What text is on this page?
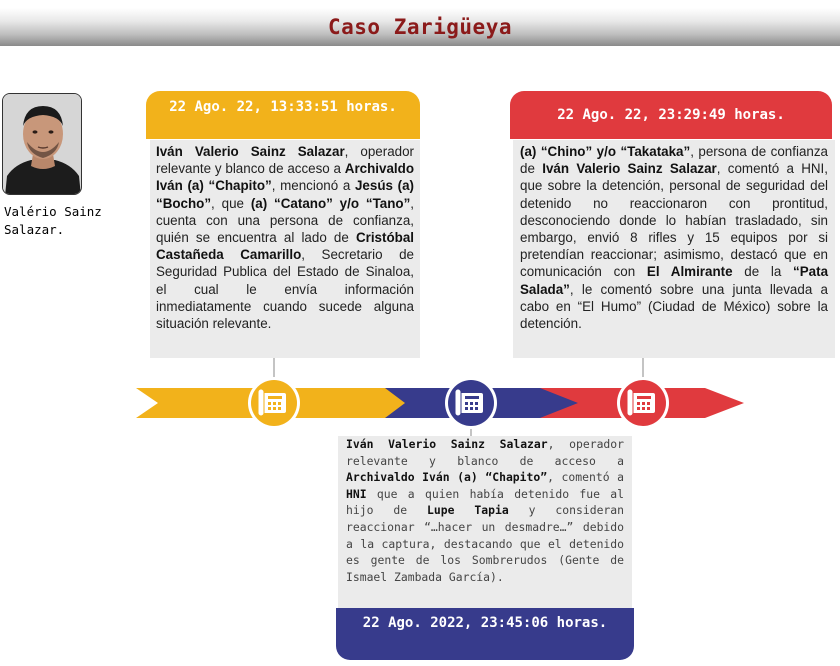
Caso Zarigüeya
Valério Sainz Salazar.
22 Ago. 22, 13:33:51 horas.
Iván Valerio Sainz Salazar, operador relevante y blanco de acceso a Archivaldo Iván (a) “Chapito”, mencionó a Jesús (a) “Bocho”, que (a) “Catano” y/o “Tano”, cuenta con una persona de confianza, quién se encuentra al lado de Cristóbal Castañeda Camarillo, Secretario de Seguridad Publica del Estado de Sinaloa, el cual le envía información inmediatamente cuando sucede alguna situación relevante.
22 Ago. 22, 23:29:49 horas.
(a) “Chino” y/o “Takataka”, persona de confianza de Iván Valerio Sainz Salazar, comentó a HNI, que sobre la detención, personal de seguridad del detenido no reaccionaron con prontitud, desconociendo donde lo habían trasladado, sin embargo, envió 8 rifles y 15 equipos por si pretendían reaccionar; asimismo, destacó que en comunicación con El Almirante de la “Pata Salada”, le comentó sobre una junta llevada a cabo en “El Humo” (Ciudad de México) sobre la detención.
Iván Valerio Sainz Salazar, operador relevante y blanco de acceso a Archivaldo Iván (a) “Chapito”, comentó a HNI que a quien había detenido fue al hijo de Lupe Tapia y consideran reaccionar “…hacer un desmadre…” debido a la captura, destacando que el detenido es gente de los Sombrerudos (Gente de Ismael Zambada García).
22 Ago. 2022, 23:45:06 horas.
